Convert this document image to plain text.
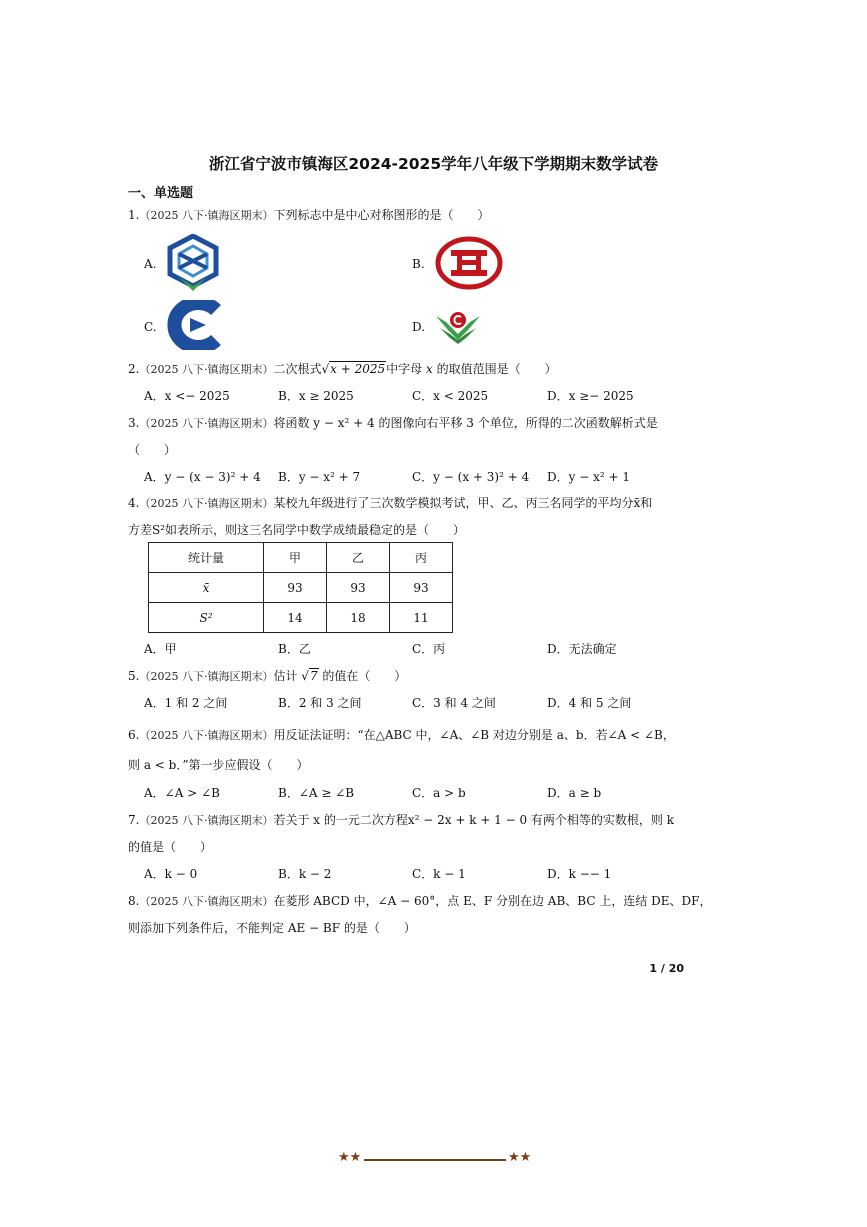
浙江省宁波市镇海区2024-2025学年八年级下学期期末数学试卷
一、单选题
1.（2025 八下·镇海区期末）下列标志中是中心对称图形的是（　　）
A.	B.
C.	D.
2.（2025 八下·镇海区期末）二次根式√x + 2025中字母 x 的取值范围是（　　）
A．x <− 2025	B．x ≥ 2025	C．x < 2025	D．x ≥− 2025
3.（2025 八下·镇海区期末）将函数 y − x² + 4 的图像向右平移 3 个单位，所得的二次函数解析式是
（　　）
A．y − (x − 3)² + 4 B．y − x² + 7	C．y − (x + 3)² + 4 D．y − x² + 1
4.（2025 八下·镇海区期末）某校九年级进行了三次数学模拟考试，甲、乙、丙三名同学的平均分x̄和
方差S²如表所示，则这三名同学中数学成绩最稳定的是（　　）
统计量	甲	乙	丙
x̄	93	93	93
S²	14	18	11
A．甲	B．乙	C．丙	D．无法确定
5.（2025 八下·镇海区期末）估计 √7 的值在（　　）
A．1 和 2 之间	B．2 和 3 之间	C．3 和 4 之间	D．4 和 5 之间
6.（2025 八下·镇海区期末）用反证法证明：“在△ABC 中，∠A、∠B 对边分别是 a、b．若∠A < ∠B，
则 a < b．”第一步应假设（　　）
A．∠A > ∠B	B．∠A ≥ ∠B	C．a > b	D．a ≥ b
7.（2025 八下·镇海区期末）若关于 x 的一元二次方程x² − 2x + k + 1 − 0 有两个相等的实数根，则 k
的值是（　　）
A．k − 0	B．k − 2	C．k − 1	D．k −− 1
8.（2025 八下·镇海区期末）在菱形 ABCD 中，∠A − 60°，点 E、F 分别在边 AB、BC 上，连结 DE、DF，
则添加下列条件后，不能判定 AE − BF 的是（　　）
1 / 20
★★	★★
